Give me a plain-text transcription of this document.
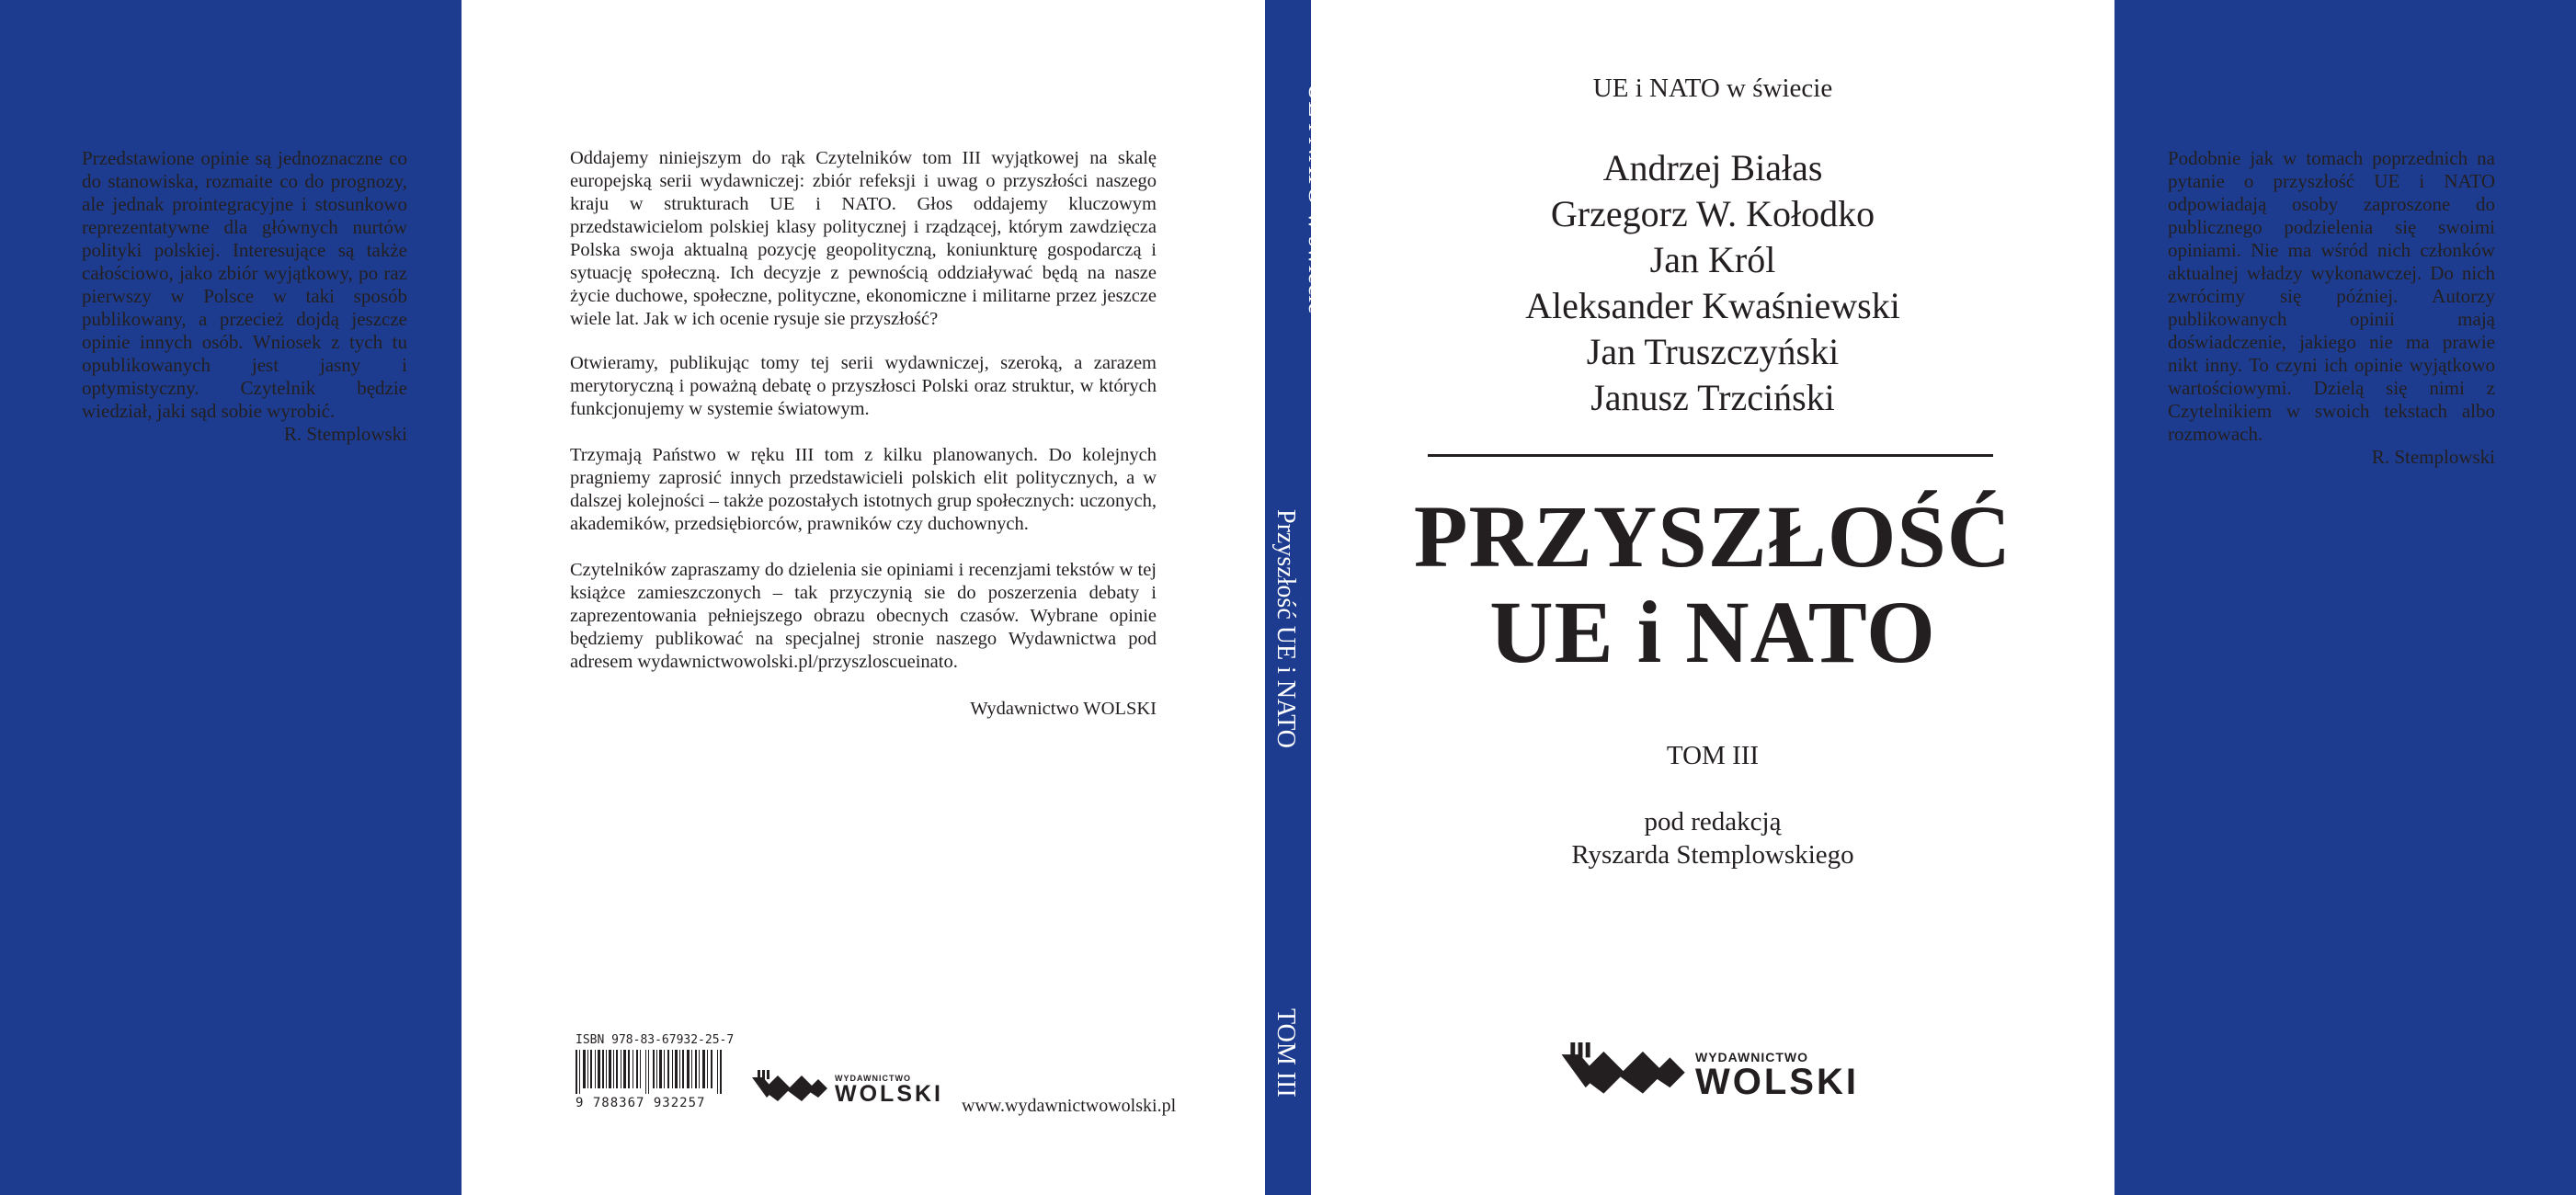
Przedstawione opinie są jednoznaczne co do stanowiska, rozmaite co do prognozy, ale jednak prointegracyjne i stosunkowo reprezentatywne dla głównych nurtów polityki polskiej. Interesujące są także całościowo, jako zbiór wyjątkowy, po raz pierwszy w Polsce w taki sposób publikowany, a przecież dojdą jeszcze opinie innych osób. Wniosek z tych tu opublikowanych jest jasny i optymistyczny. Czytelnik będzie wiedział, jaki sąd sobie wyrobić.
R. Stemplowski
Oddajemy niniejszym do rąk Czytelników tom III wyjątkowej na skalę europejską serii wydawniczej: zbiór refeksji i uwag o przyszłości naszego kraju w strukturach UE i NATO. Głos oddajemy kluczowym przedstawicielom polskiej klasy politycznej i rządzącej, którym zawdzięcza Polska swoja aktualną pozycję geopolityczną, koniunkturę gospodarczą i sytuację społeczną. Ich decyzje z pewnością oddziaływać będą na nasze życie duchowe, społeczne, polityczne, ekonomiczne i militarne przez jeszcze wiele lat. Jak w ich ocenie rysuje sie przyszłość?
Otwieramy, publikując tomy tej serii wydawniczej, szeroką, a zarazem merytoryczną i poważną debatę o przyszłosci Polski oraz struktur, w których funkcjonujemy w systemie światowym.
Trzymają Państwo w ręku III tom z kilku planowanych. Do kolejnych pragniemy zaprosić innych przedstawicieli polskich elit politycznych, a w dalszej kolejności – także pozostałych istotnych grup społecznych: uczonych, akademików, przedsiębiorców, prawników czy duchownych.
Czytelników zapraszamy do dzielenia sie opiniami i recenzjami tekstów w tej książce zamieszczonych – tak przyczynią sie do poszerzenia debaty i zaprezentowania pełniejszego obrazu obecnych czasów. Wybrane opinie będziemy publikować na specjalnej stronie naszego Wydawnictwa pod adresem wydawnictwowolski.pl/przyszloscueinato.
Wydawnictwo WOLSKI
ISBN 978-83-67932-25-7
9 788367 932257
WYDAWNICTWO
WOLSKI www.wydawnictwowolski.pl
UE i NATO w świecie
Przyszłość UE i NATO
TOM III
UE i NATO w świecie
Andrzej Białas
Grzegorz W. Kołodko
Jan Król
Aleksander Kwaśniewski
Jan Truszczyński
Janusz Trzciński
PRZYSZŁOŚĆ
UE i NATO
TOM III
pod redakcją
Ryszarda Stemplowskiego
WYDAWNICTWO
WOLSKI
Podobnie jak w tomach poprzednich na pytanie o przyszłość UE i NATO odpowiadają osoby zaproszone do publicznego podzielenia się swoimi opiniami. Nie ma wśród nich członków aktualnej władzy wykonawczej. Do nich zwrócimy się później. Autorzy publikowanych opinii mają doświadczenie, jakiego nie ma prawie nikt inny. To czyni ich opinie wyjątkowo wartościowymi. Dzielą się nimi z Czytelnikiem w swoich tekstach albo rozmowach.
R. Stemplowski
